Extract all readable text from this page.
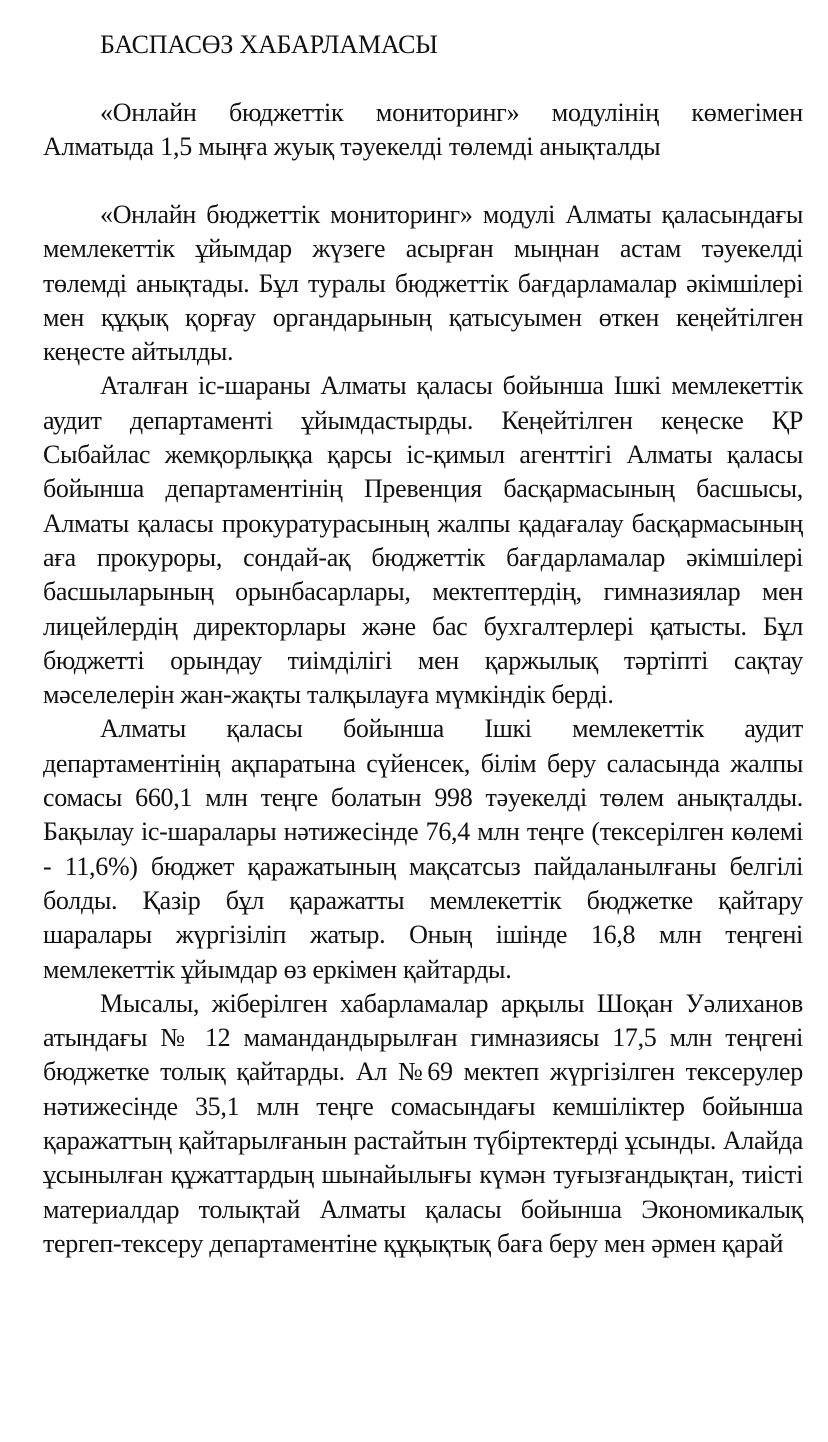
БАСПАСӨЗ ХАБАРЛАМАСЫ

«Онлайн бюджеттік мониторинг» модулінің көмегімен Алматыда 1,5 мыңға жуық тәуекелді төлемді анықталды

«Онлайн бюджеттік мониторинг» модулі Алматы қаласындағы мемлекеттік ұйымдар жүзеге асырған мыңнан астам тәуекелді төлемді анықтады. Бұл туралы бюджеттік бағдарламалар әкімшілері мен құқық қорғау органдарының қатысуымен өткен кеңейтілген кеңесте айтылды.

Аталған іс-шараны Алматы қаласы бойынша Ішкі мемлекеттік аудит департаменті ұйымдастырды. Кеңейтілген кеңеске ҚР Сыбайлас жемқорлыққа қарсы іс-қимыл агенттігі Алматы қаласы бойынша департаментінің Превенция басқармасының басшысы, Алматы қаласы прокуратурасының жалпы қадағалау басқармасының аға прокуроры, сондай-ақ бюджеттік бағдарламалар әкімшілері басшыларының орынбасарлары, мектептердің, гимназиялар мен лицейлердің директорлары және бас бухгалтерлері қатысты. Бұл бюджетті орындау тиімділігі мен қаржылық тәртіпті сақтау мәселелерін жан-жақты талқылауға мүмкіндік берді.

Алматы қаласы бойынша Ішкі мемлекеттік аудит департаментінің ақпаратына сүйенсек, білім беру саласында жалпы сомасы 660,1 млн теңге болатын 998 тәуекелді төлем анықталды. Бақылау іс-шаралары нәтижесінде 76,4 млн теңге (тексерілген көлемі - 11,6%) бюджет қаражатының мақсатсыз пайдаланылғаны белгілі болды. Қазір бұл қаражатты мемлекеттік бюджетке қайтару шаралары жүргізіліп жатыр. Оның ішінде 16,8 млн теңгені мемлекеттік ұйымдар өз еркімен қайтарды.

Мысалы, жіберілген хабарламалар арқылы Шоқан Уәлиханов атындағы № 12 мамандандырылған гимназиясы 17,5 млн теңгені бюджетке толық қайтарды. Ал №69 мектеп жүргізілген тексерулер нәтижесінде 35,1 млн теңге сомасындағы кемшіліктер бойынша қаражаттың қайтарылғанын растайтын түбіртектерді ұсынды. Алайда ұсынылған құжаттардың шынайылығы күмән туғызғандықтан, тиісті материалдар толықтай Алматы қаласы бойынша Экономикалық тергеп-тексеру департаментіне құқықтық баға беру мен әрмен қарай
